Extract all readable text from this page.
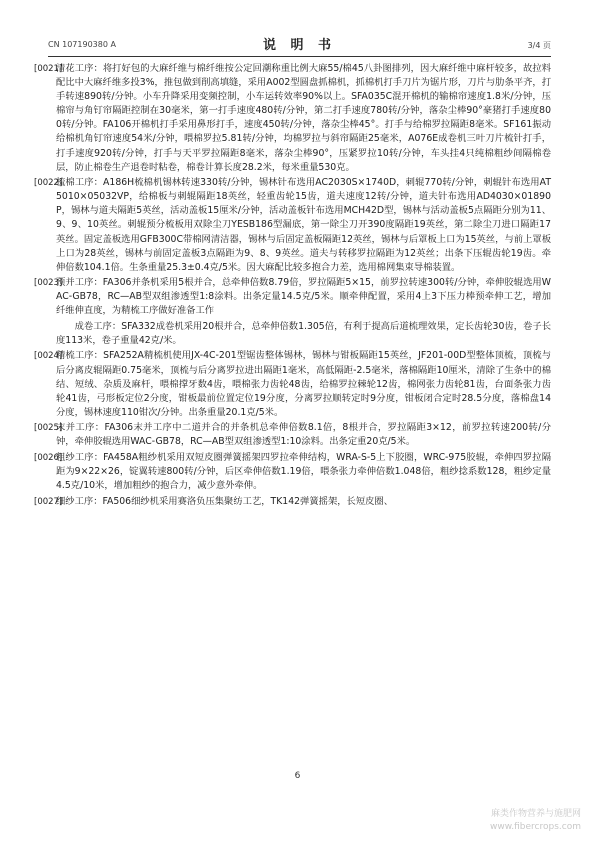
CN 107190380 A	说 明 书	3/4 页
[0021]
清花工序：将打好包的大麻纤维与棉纤维按公定回潮称重比例大麻55/棉45八卦图排列，因大麻纤维中麻杆较多，故拉料配比中大麻纤维多投3%，推包做到削高填缝，采用A002型圆盘抓棉机，抓棉机打手刀片为锯片形，刀片与肋条平齐，打手转速890转/分钟。小车升降采用变频控制，小车运转效率90%以上。SFA035C混开棉机的输棉帘速度1.8米/分钟，压棉帘与角钉帘隔距控制在30毫米，第一打手速度480转/分钟，第二打手速度780转/分钟，落杂尘棒90°豪猪打手速度800转/分钟。FA106开棉机打手采用鼻形打手，速度450转/分钟，落杂尘棒45°。打手与给棉罗拉隔距8毫米。SF161振动给棉机角钉帘速度54米/分钟，喂棉罗拉5.81转/分钟，均棉罗拉与斜帘隔距25毫米，A076E成卷机三叶刀片梳针打手，打手速度920转/分钟，打手与天平罗拉隔距8毫米，落杂尘棒90°，压紧罗拉10转/分钟，车头挂4只纯棉粗纱间隔棉卷层，防止棉卷生产退卷时粘卷，棉卷计算长度28.2米，每米重量530克。
[0022]
梳棉工序：A186H梳棉机锡林转速330转/分钟，锡林针布选用AC2030S×1740D，刺辊770转/分钟，刺辊针布选用AT5010×05032VP，给棉板与刺辊隔距18英丝，轻重齿轮15齿，道夫速度12转/分钟，道夫针布选用AD4030×01890P，锡林与道夫隔距5英丝，活动盖板15厘米/分钟，活动盖板针布选用MCH42D型，锡林与活动盖板5点隔距分别为11、9、9、10英丝。刺辊预分梳板用双除尘刀YESB186型漏底，第一除尘刀开390度隔距19英丝，第二除尘刀进口隔距17英丝。固定盖板选用GFB300C带棉网清洁器，锡林与后固定盖板隔距12英丝，锡林与后罩板上口为15英丝，与前上罩板上口为28英丝，锡林与前固定盖板3点隔距为9、8、9英丝。道夫与转移罗拉隔距为12英丝；出条下压辊齿轮19齿。牵伸倍数104.1倍。生条重量25.3±0.4克/5米。因大麻配比较多抱合力差，选用棉网集束导棉装置。
[0023]
预并工序：FA306并条机采用5根并合，总牵伸倍数8.79倍，罗拉隔距5×15，前罗拉转速300转/分钟，牵伸胶辊选用WAC-GB78，RC—AB型双组渗透型1:8涂料。出条定量14.5克/5米。顺牵伸配置，采用4上3下压力棒预牵伸工艺，增加纤维伸直度，为精梳工序做好准备工作
成卷工序：SFA332成卷机采用20根并合，总牵伸倍数1.305倍，有利于提高后道梳理效果，定长齿轮30齿，卷子长度113米，卷子重量42克/米。
[0024]
精梳工序：SFA252A精梳机使用JX-4C-201型锯齿整体锡林，锡林与钳板隔距15英丝，JF201-00D型整体顶梳，顶梳与后分离皮辊隔距0.75毫米，顶梳与后分离罗拉进出隔距1毫米，高低隔距-2.5毫米，落棉隔距10厘米，清除了生条中的棉结、短绒、杂质及麻杆，喂棉撑牙数4齿，喂棉张力齿轮48齿，给棉罗拉棘轮12齿，棉网张力齿轮81齿，台面条张力齿轮41齿，弓形板定位2分度，钳板最前位置定位19分度，分离罗拉顺转定时9分度，钳板闭合定时28.5分度，落棉盘14分度，锡林速度110钳次/分钟。出条重量20.1克/5米。
[0025]
末并工序：FA306末并工序中二道并合的并条机总牵伸倍数8.1倍，8根并合，罗拉隔距3×12，前罗拉转速200转/分钟，牵伸胶辊选用WAC-GB78，RC—AB型双组渗透型1:10涂料。出条定重20克/5米。
[0026]
粗纱工序：FA458A粗纱机采用双短皮圈弹簧摇架四罗拉牵伸结构，WRA-S-5上下胶圈，WRC-975胶辊，牵伸四罗拉隔距为9×22×26，锭翼转速800转/分钟，后区牵伸倍数1.19倍，喂条张力牵伸倍数1.048倍，粗纱捻系数128，粗纱定量4.5克/10米，增加粗纱的抱合力，减少意外牵伸。
[0027]
细纱工序：FA506细纱机采用赛洛负压集聚纺工艺，TK142弹簧摇架，长短皮圈、
6
麻类作物营养与施肥网
www.fibercrops.com
